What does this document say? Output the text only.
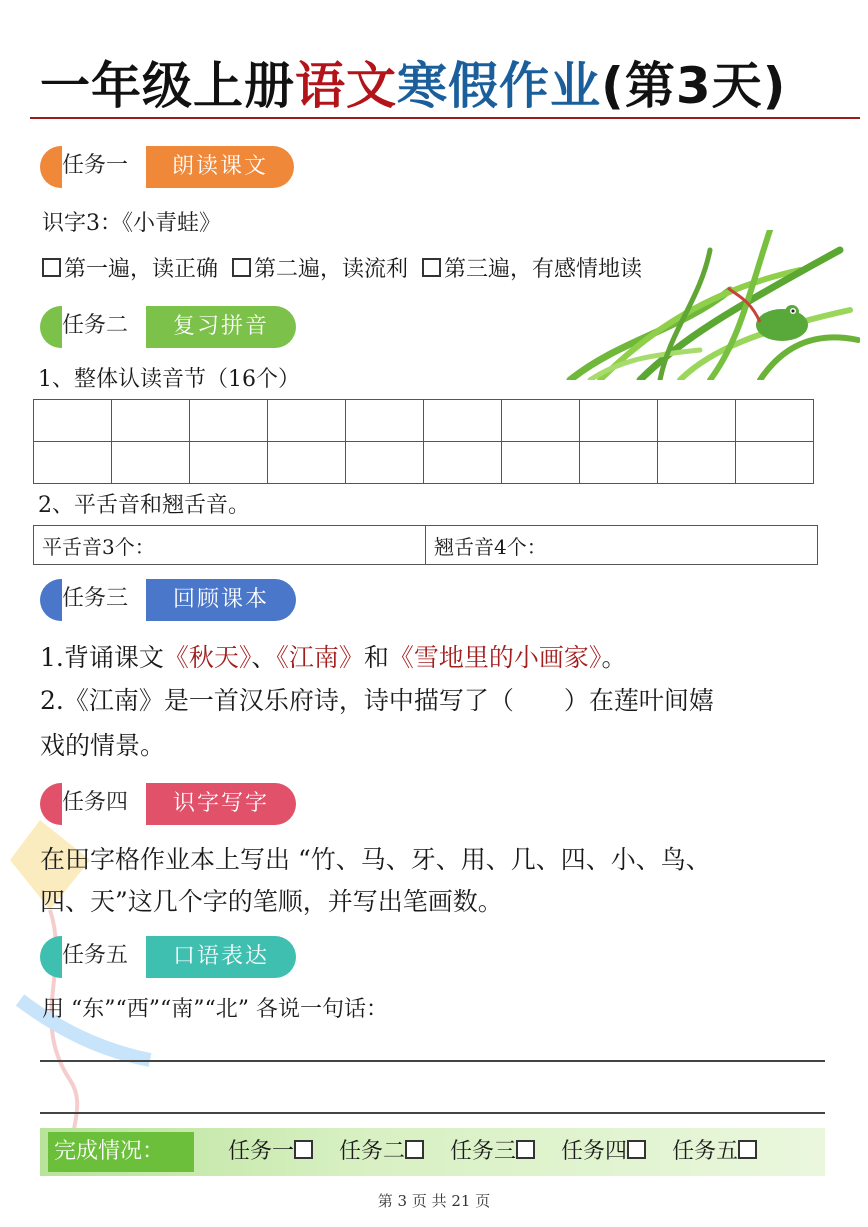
一年级上册语文寒假作业(第3天)
任务一	朗读课文
识字3：《小青蛙》
第一遍，读正确 第二遍，读流利 第三遍，有感情地读
任务二	复习拼音
1、整体认读音节（16个）

2、平舌音和翘舌音。
平舌音3个：	翘舌音4个：
任务三	回顾课本
1.背诵课文《秋天》、《江南》和《雪地里的小画家》。
2.《江南》是一首汉乐府诗，诗中描写了（　　）在莲叶间嬉
戏的情景。
任务四	识字写字
在田字格作业本上写出 “竹、马、牙、用、几、四、小、鸟、
四、天”这几个字的笔顺，并写出笔画数。
任务五	口语表达
用 “东”“西”“南”“北” 各说一句话：
完成情况：	任务一 任务二 任务三 任务四 任务五
第 3 页 共 21 页
